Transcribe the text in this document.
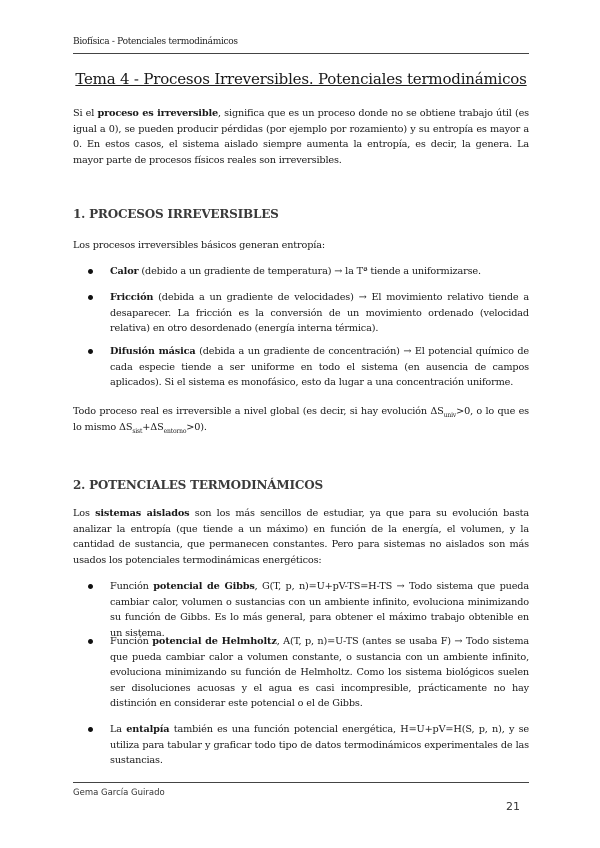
Biofísica - Potenciales termodinámicos
Tema 4 - Procesos Irreversibles. Potenciales termodinámicos

Si el proceso es irreversible, significa que es un proceso donde no se obtiene trabajo útil (es igual a 0), se pueden producir pérdidas (por ejemplo por rozamiento) y su entropía es mayor a 0. En estos casos, el sistema aislado siempre aumenta la entropía, es decir, la genera. La mayor parte de procesos físicos reales son irreversibles.

1. PROCESOS IRREVERSIBLES

Los procesos irreversibles básicos generan entropía:

Calor (debido a un gradiente de temperatura) → la Tª tiende a uniformizarse.

Fricción (debida a un gradiente de velocidades) → El movimiento relativo tiende a desaparecer. La fricción es la conversión de un movimiento ordenado (velocidad relativa) en otro desordenado (energía interna térmica).

Difusión másica (debida a un gradiente de concentración) → El potencial químico de cada especie tiende a ser uniforme en todo el sistema (en ausencia de campos aplicados). Si el sistema es monofásico, esto da lugar a una concentración uniforme.

Todo proceso real es irreversible a nivel global (es decir, si hay evolución $\Delta S_{univ}>0$, o lo que es lo mismo $\Delta S_{sist}+\Delta S_{entorno}>0$).

2. POTENCIALES TERMODINÁMICOS

Los sistemas aislados son los más sencillos de estudiar, ya que para su evolución basta analizar la entropía (que tiende a un máximo) en función de la energía, el volumen, y la cantidad de sustancia, que permanecen constantes. Pero para sistemas no aislados son más usados los potenciales termodinámicas energéticos:

Función potencial de Gibbs, G(T, p, n)=U+pV-TS=H-TS → Todo sistema que pueda cambiar calor, volumen o sustancias con un ambiente infinito, evoluciona minimizando su función de Gibbs. Es lo más general, para obtener el máximo trabajo obtenible en un sistema.

Función potencial de Helmholtz, A(T, p, n)=U-TS (antes se usaba F) → Todo sistema que pueda cambiar calor a volumen constante, o sustancia con un ambiente infinito, evoluciona minimizando su función de Helmholtz. Como los sistema biológicos suelen ser disoluciones acuosas y el agua es casi incompresible, prácticamente no hay distinción en considerar este potencial o el de Gibbs.

La entalpía también es una función potencial energética, H=U+pV=H(S, p, n), y se utiliza para tabular y graficar todo tipo de datos termodinámicos experimentales de las sustancias.

Gema García Guirado
21
